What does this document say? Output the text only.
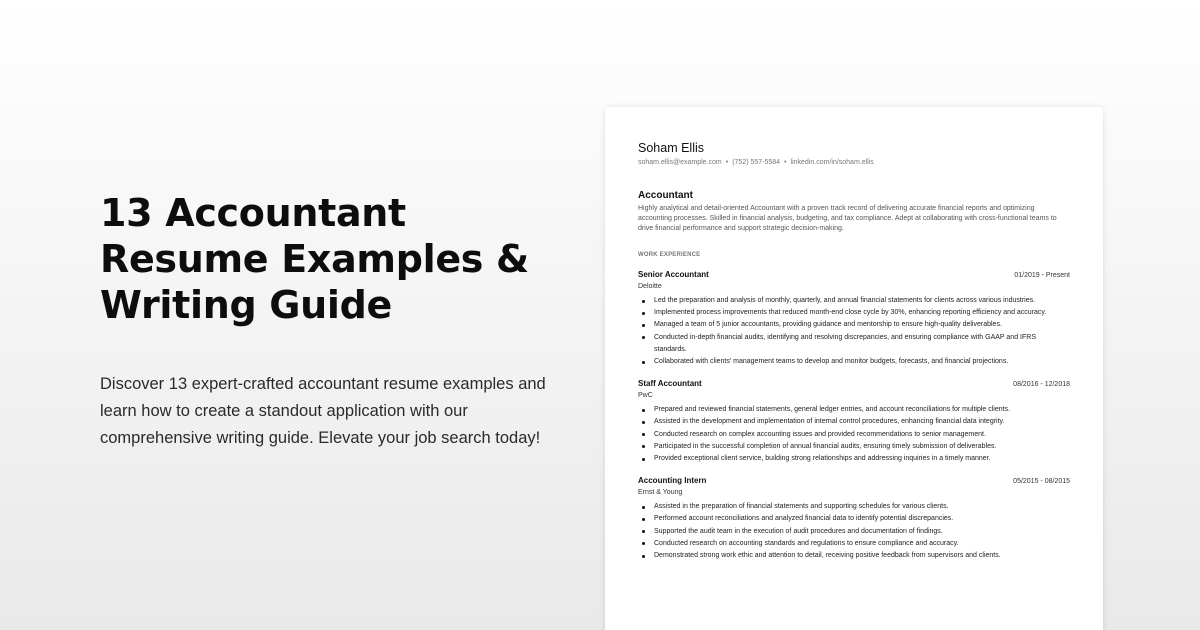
13 Accountant
Resume Examples &
Writing Guide

Discover 13 expert-crafted accountant resume examples and learn how to create a standout application with our comprehensive writing guide. Elevate your job search today!

Soham Ellis
soham.ellis@example.com • (752) 557-5584 • linkedin.com/in/soham.ellis
Accountant
Highly analytical and detail-oriented Accountant with a proven track record of delivering accurate financial reports and optimizing accounting processes. Skilled in financial analysis, budgeting, and tax compliance. Adept at collaborating with cross-functional teams to drive financial performance and support strategic decision-making.
WORK EXPERIENCE
Senior Accountant	01/2019 - Present
Deloitte
Led the preparation and analysis of monthly, quarterly, and annual financial statements for clients across various industries.
Implemented process improvements that reduced month-end close cycle by 30%, enhancing reporting efficiency and accuracy.
Managed a team of 5 junior accountants, providing guidance and mentorship to ensure high-quality deliverables.
Conducted in-depth financial audits, identifying and resolving discrepancies, and ensuring compliance with GAAP and IFRS standards.
Collaborated with clients' management teams to develop and monitor budgets, forecasts, and financial projections.
Staff Accountant	08/2016 - 12/2018
PwC
Prepared and reviewed financial statements, general ledger entries, and account reconciliations for multiple clients.
Assisted in the development and implementation of internal control procedures, enhancing financial data integrity.
Conducted research on complex accounting issues and provided recommendations to senior management.
Participated in the successful completion of annual financial audits, ensuring timely submission of deliverables.
Provided exceptional client service, building strong relationships and addressing inquiries in a timely manner.
Accounting Intern	05/2015 - 08/2015
Ernst & Young
Assisted in the preparation of financial statements and supporting schedules for various clients.
Performed account reconciliations and analyzed financial data to identify potential discrepancies.
Supported the audit team in the execution of audit procedures and documentation of findings.
Conducted research on accounting standards and regulations to ensure compliance and accuracy.
Demonstrated strong work ethic and attention to detail, receiving positive feedback from supervisors and clients.
